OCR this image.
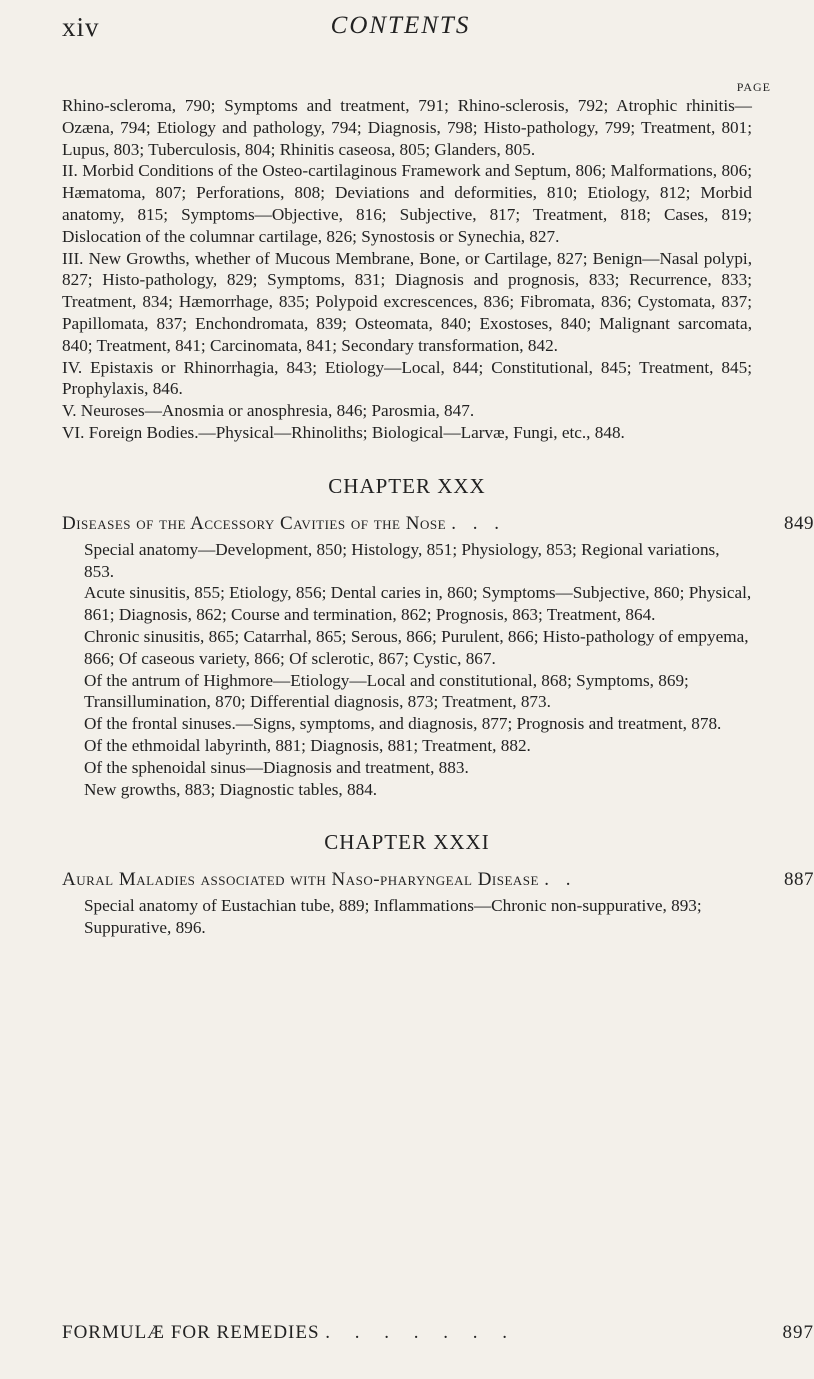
xiv	CONTENTS
PAGE

Rhino-scleroma, 790; Symptoms and treatment, 791; Rhino-sclerosis, 792; Atrophic rhinitis—Ozæna, 794; Etiology and pathology, 794; Diagnosis, 798; Histo-pathology, 799; Treatment, 801; Lupus, 803; Tuberculosis, 804; Rhinitis caseosa, 805; Glanders, 805.

II. Morbid Conditions of the Osteo-cartilaginous Framework and Septum, 806; Malformations, 806; Hæmatoma, 807; Perforations, 808; Deviations and deformities, 810; Etiology, 812; Morbid anatomy, 815; Symptoms—Objective, 816; Subjective, 817; Treatment, 818; Cases, 819; Dislocation of the columnar cartilage, 826; Synostosis or Synechia, 827.

III. New Growths, whether of Mucous Membrane, Bone, or Cartilage, 827; Benign—Nasal polypi, 827; Histo-pathology, 829; Symptoms, 831; Diagnosis and prognosis, 833; Recurrence, 833; Treatment, 834; Hæmorrhage, 835; Polypoid excrescences, 836; Fibromata, 836; Cystomata, 837; Papillomata, 837; Enchondromata, 839; Osteomata, 840; Exostoses, 840; Malignant sarcomata, 840; Treatment, 841; Carcinomata, 841; Secondary transformation, 842.

IV. Epistaxis or Rhinorrhagia, 843; Etiology—Local, 844; Constitutional, 845; Treatment, 845; Prophylaxis, 846.

V. Neuroses—Anosmia or anosphresia, 846; Parosmia, 847.

VI. Foreign Bodies.—Physical—Rhinoliths; Biological—Larvæ, Fungi, etc., 848.

CHAPTER XXX
Diseases of the Accessory Cavities of the Nose . . .	849

Special anatomy—Development, 850; Histology, 851; Physiology, 853; Regional variations, 853.

Acute sinusitis, 855; Etiology, 856; Dental caries in, 860; Symptoms—Subjective, 860; Physical, 861; Diagnosis, 862; Course and termination, 862; Prognosis, 863; Treatment, 864.

Chronic sinusitis, 865; Catarrhal, 865; Serous, 866; Purulent, 866; Histo-pathology of empyema, 866; Of caseous variety, 866; Of sclerotic, 867; Cystic, 867.

Of the antrum of Highmore—Etiology—Local and constitutional, 868; Symptoms, 869; Transillumination, 870; Differential diagnosis, 873; Treatment, 873.

Of the frontal sinuses.—Signs, symptoms, and diagnosis, 877; Prognosis and treatment, 878.

Of the ethmoidal labyrinth, 881; Diagnosis, 881; Treatment, 882.

Of the sphenoidal sinus—Diagnosis and treatment, 883.

New growths, 883; Diagnostic tables, 884.

CHAPTER XXXI
Aural Maladies associated with Naso-pharyngeal Disease . .	887

Special anatomy of Eustachian tube, 889; Inflammations—Chronic non-suppurative, 893; Suppurative, 896.

FORMULÆ FOR REMEDIES . . . . . . .	897
